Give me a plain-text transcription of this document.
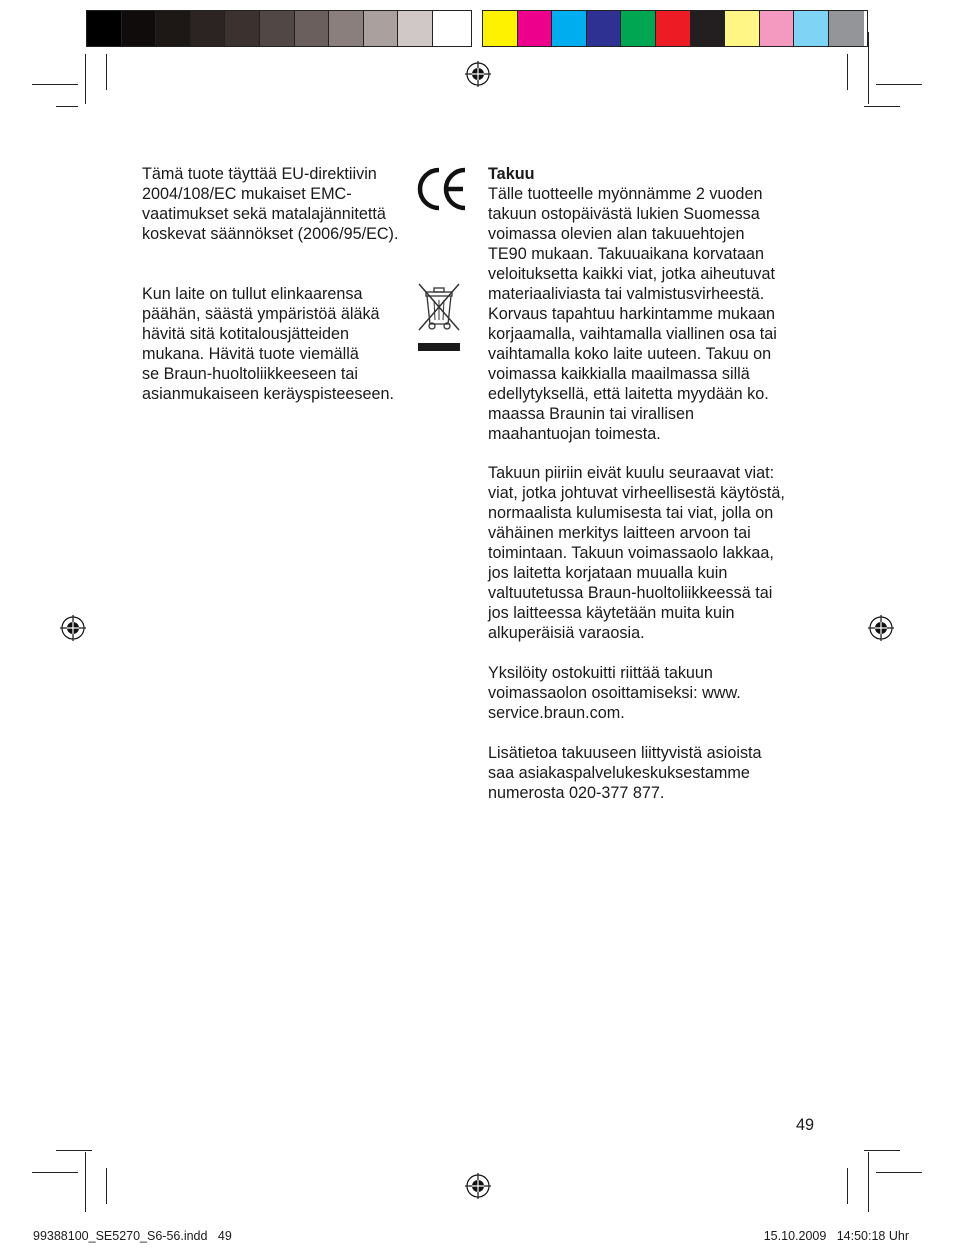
Tämä tuote täyttää EU-direktiivin
2004/108/EC mukaiset EMC-
vaatimukset sekä matalajännitettä
koskevat säännökset (2006/95/EC).

Kun laite on tullut elinkaarensa
päähän, säästä ympäristöä äläkä
hävitä sitä kotitalousjätteiden
mukana. Hävitä tuote viemällä
se Braun-huoltoliikkeeseen tai
asianmukaiseen keräyspisteeseen.

Takuu

Tälle tuotteelle myönnämme 2 vuoden
takuun ostopäivästä lukien Suomessa
voimassa olevien alan takuuehtojen
TE90 mukaan. Takuuaikana korvataan
veloituksetta kaikki viat, jotka aiheutuvat
materiaaliviasta tai valmistusvirheestä.
Korvaus tapahtuu harkintamme mukaan
korjaamalla, vaihtamalla viallinen osa tai
vaihtamalla koko laite uuteen. Takuu on
voimassa kaikkialla maailmassa sillä
edellytyksellä, että laitetta myydään ko.
maassa Braunin tai virallisen
maahantuojan toimesta.

Takuun piiriin eivät kuulu seuraavat viat:
viat, jotka johtuvat virheellisestä käytöstä,
normaalista kulumisesta tai viat, jolla on
vähäinen merkitys laitteen arvoon tai
toimintaan. Takuun voimassaolo lakkaa,
jos laitetta korjataan muualla kuin
valtuutetussa Braun-huoltoliikkeessä tai
jos laitteessa käytetään muita kuin
alkuperäisiä varaosia.

Yksilöity ostokuitti riittää takuun
voimassaolon osoittamiseksi: www.
service.braun.com.

Lisätietoa takuuseen liittyvistä asioista
saa asiakaspalvelukeskuksestamme
numerosta 020-377 877.

49
99388100_SE5270_S6-56.indd   49	15.10.2009   14:50:18 Uhr
